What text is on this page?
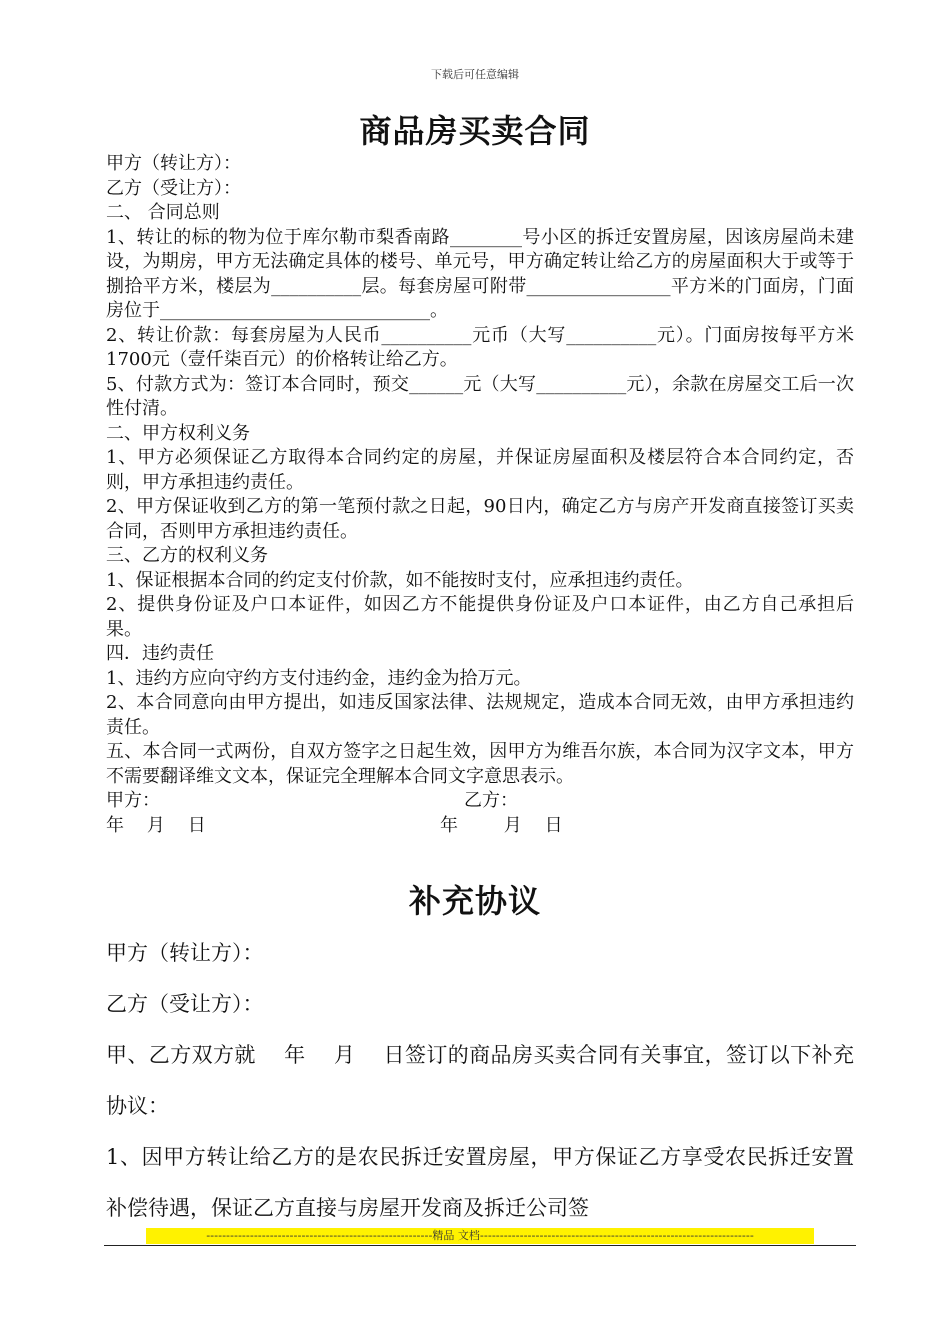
下载后可任意编辑
商品房买卖合同

甲方（转让方）：

乙方（受让方）：

二、 合同总则

1、转让的标的物为位于库尔勒市梨香南路________号小区的拆迁安置房屋，因该房屋尚未建设，为期房，甲方无法确定具体的楼号、单元号，甲方确定转让给乙方的房屋面积大于或等于捌拾平方米，楼层为__________层。每套房屋可附带________________平方米的门面房，门面房位于______________________________。

2、转让价款：每套房屋为人民币__________元币（大写__________元）。门面房按每平方米1700元（壹仟柒百元）的价格转让给乙方。

5、付款方式为：签订本合同时，预交______元（大写__________元），余款在房屋交工后一次性付清。

二、甲方权利义务

1、甲方必须保证乙方取得本合同约定的房屋，并保证房屋面积及楼层符合本合同约定，否则，甲方承担违约责任。

2、甲方保证收到乙方的第一笔预付款之日起，90日内，确定乙方与房产开发商直接签订买卖合同，否则甲方承担违约责任。

三、乙方的权利义务

1、保证根据本合同的约定支付价款，如不能按时支付，应承担违约责任。

2、提供身份证及户口本证件，如因乙方不能提供身份证及户口本证件，由乙方自己承担后果。

四．违约责任

1、违约方应向守约方支付违约金，违约金为拾万元。

2、本合同意向由甲方提出，如违反国家法律、法规规定，造成本合同无效，由甲方承担违约责任。

五、本合同一式两份，自双方签字之日起生效，因甲方为维吾尔族，本合同为汉字文本，甲方不需要翻译维文文本，保证完全理解本合同文字意思表示。

甲方：	乙方：
年    月    日	年        月    日
补充协议

甲方（转让方）：

乙方（受让方）：

甲、乙方双方就    年    月    日签订的商品房买卖合同有关事宜，签订以下补充协议：

1、因甲方转让给乙方的是农民拆迁安置房屋，甲方保证乙方享受农民拆迁安置补偿待遇，保证乙方直接与房屋开发商及拆迁公司签

---------------------------------------------------------精品 文档---------------------------------------------------------------------
